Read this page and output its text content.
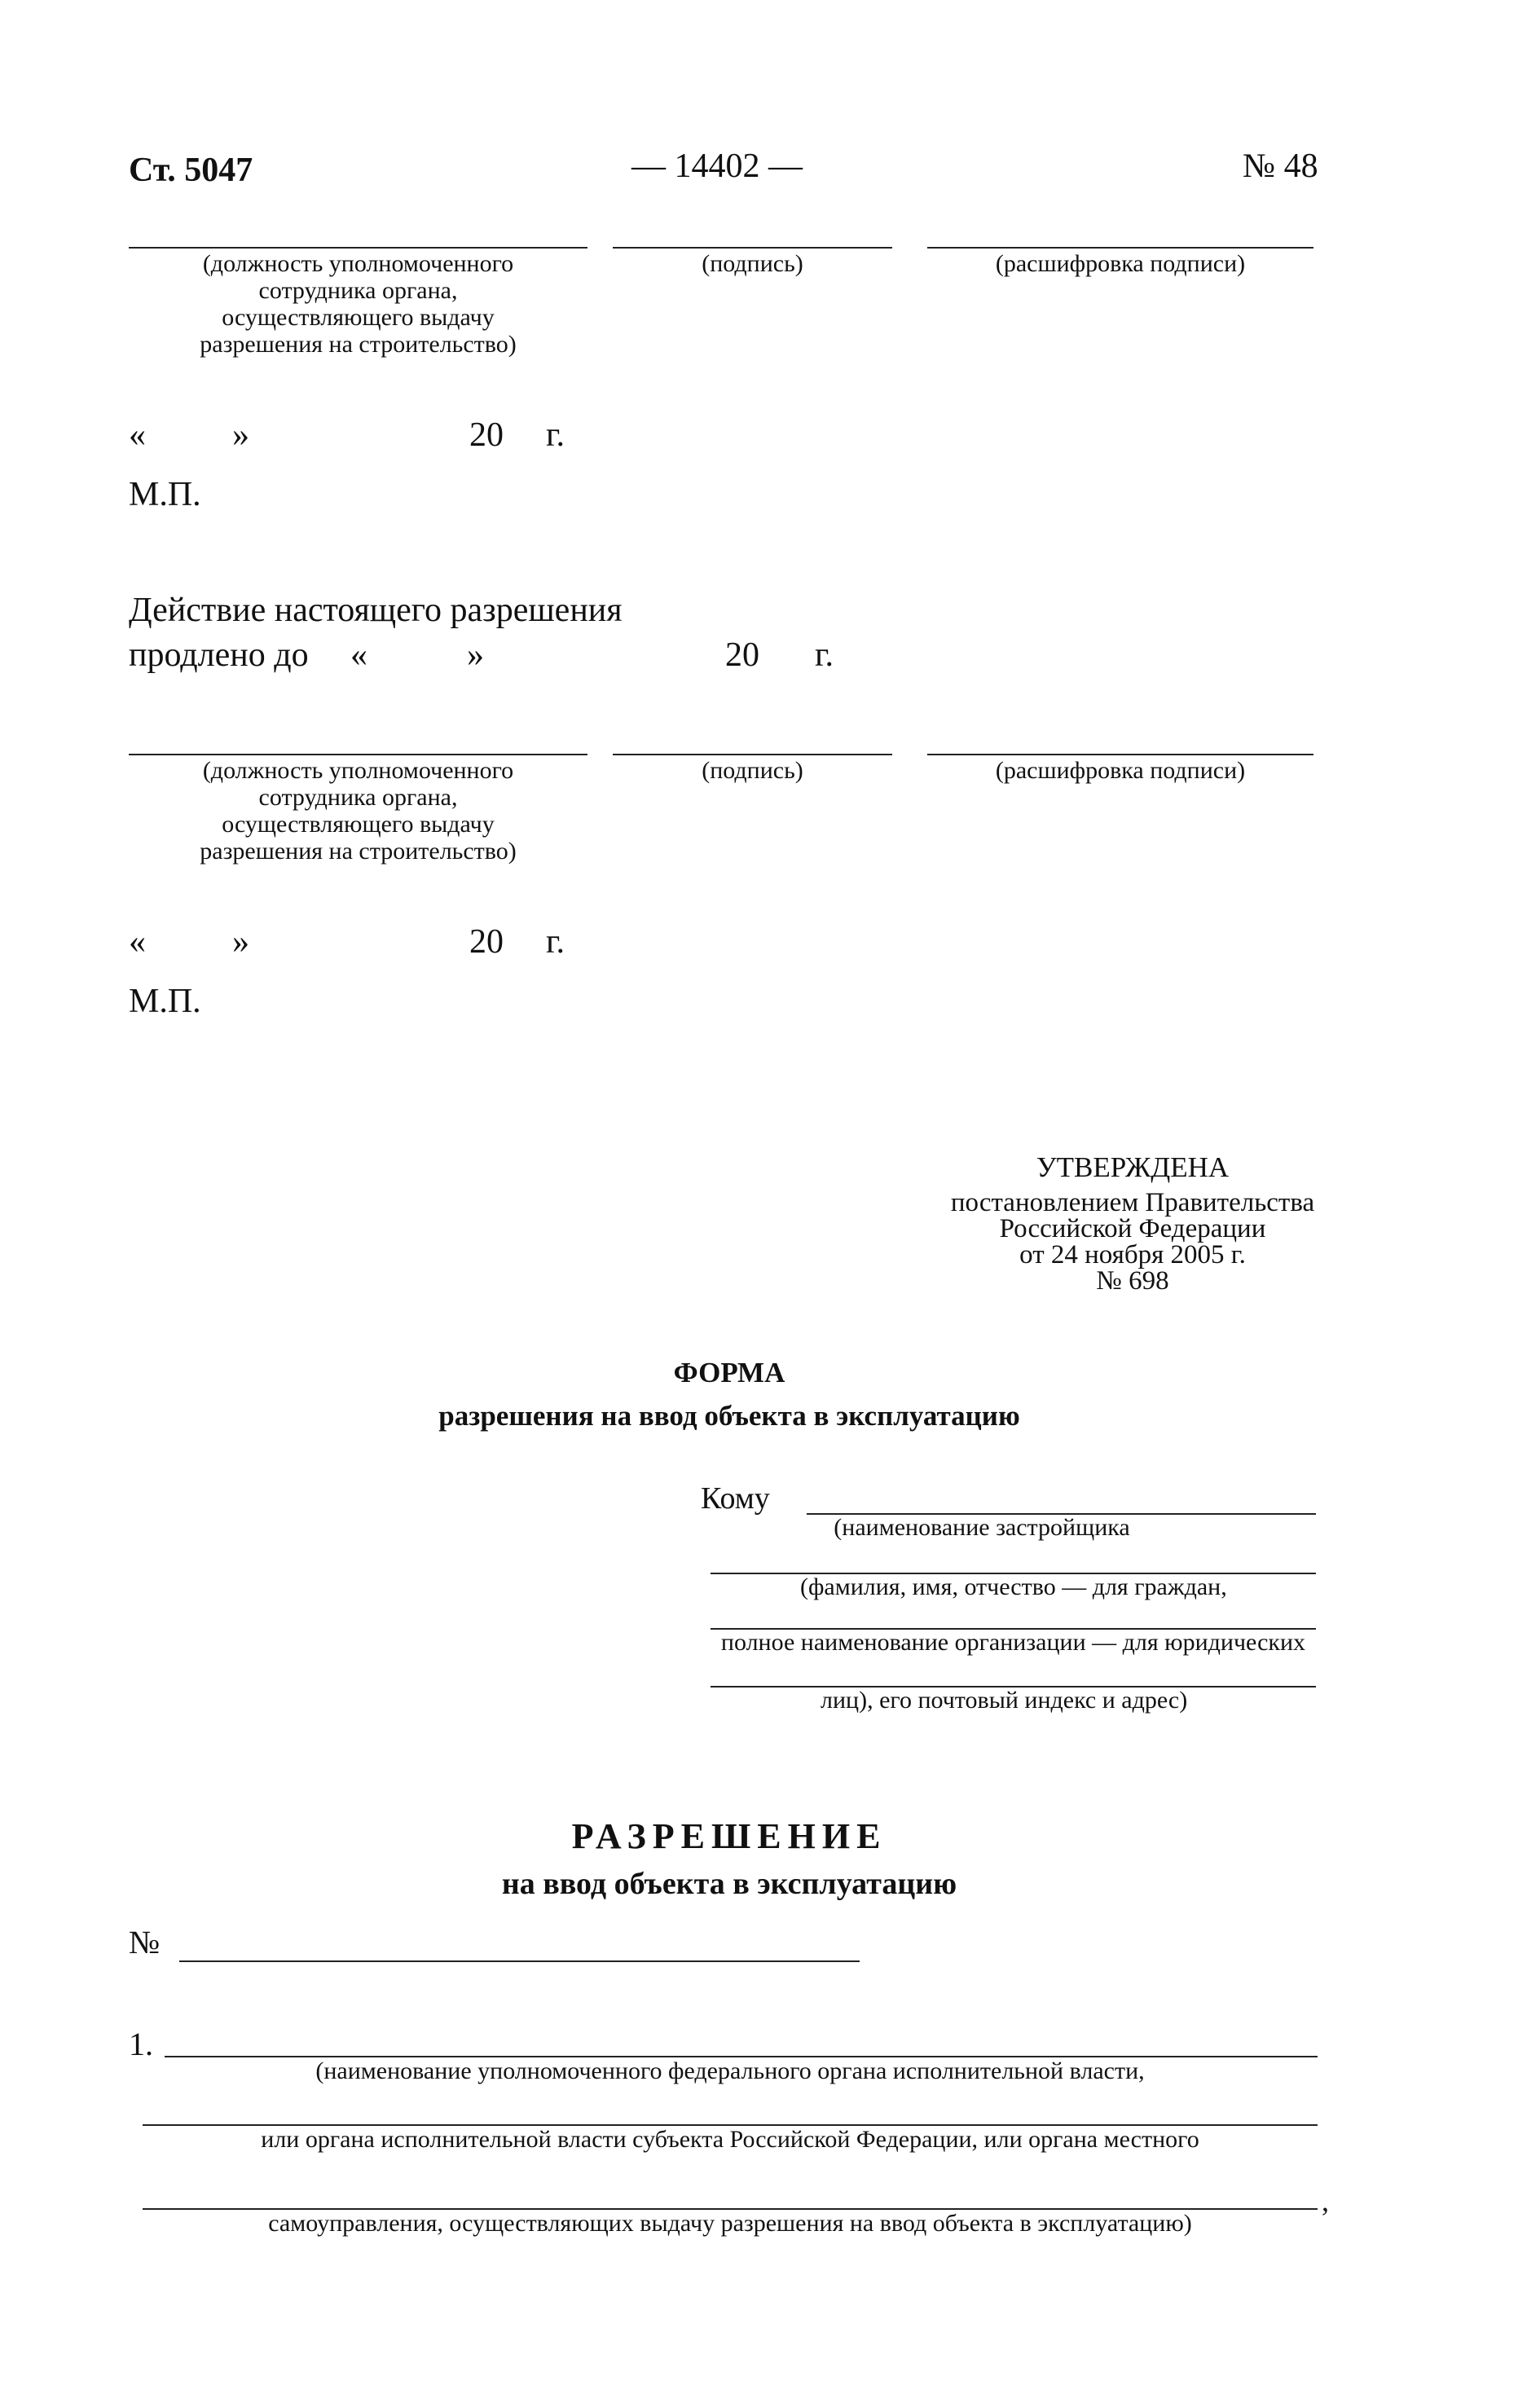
Ст. 5047	— 14402 —	№ 48
(должность уполномоченного
сотрудника органа,
осуществляющего выдачу
разрешения на строительство)
(подпись)	(расшифровка подписи)
«	»	20 г.
М.П.
Действие настоящего разрешения
продлено до «	»	20 г.
(должность уполномоченного
сотрудника органа,
осуществляющего выдачу
разрешения на строительство)
(подпись)	(расшифровка подписи)
«	»	20 г.
М.П.
УТВЕРЖДЕНА
постановлением Правительства
Российской Федерации
от 24 ноября 2005 г.
№ 698
ФОРМА
разрешения на ввод объекта в эксплуатацию
Кому
(наименование застройщика
(фамилия, имя, отчество — для граждан,
полное наименование организации — для юридических
лиц), его почтовый индекс и адрес)
РАЗРЕШЕНИЕ
на ввод объекта в эксплуатацию
№
1.
(наименование уполномоченного федерального органа исполнительной власти,
или органа исполнительной власти субъекта Российской Федерации, или органа местного
,
самоуправления, осуществляющих выдачу разрешения на ввод объекта в эксплуатацию)
